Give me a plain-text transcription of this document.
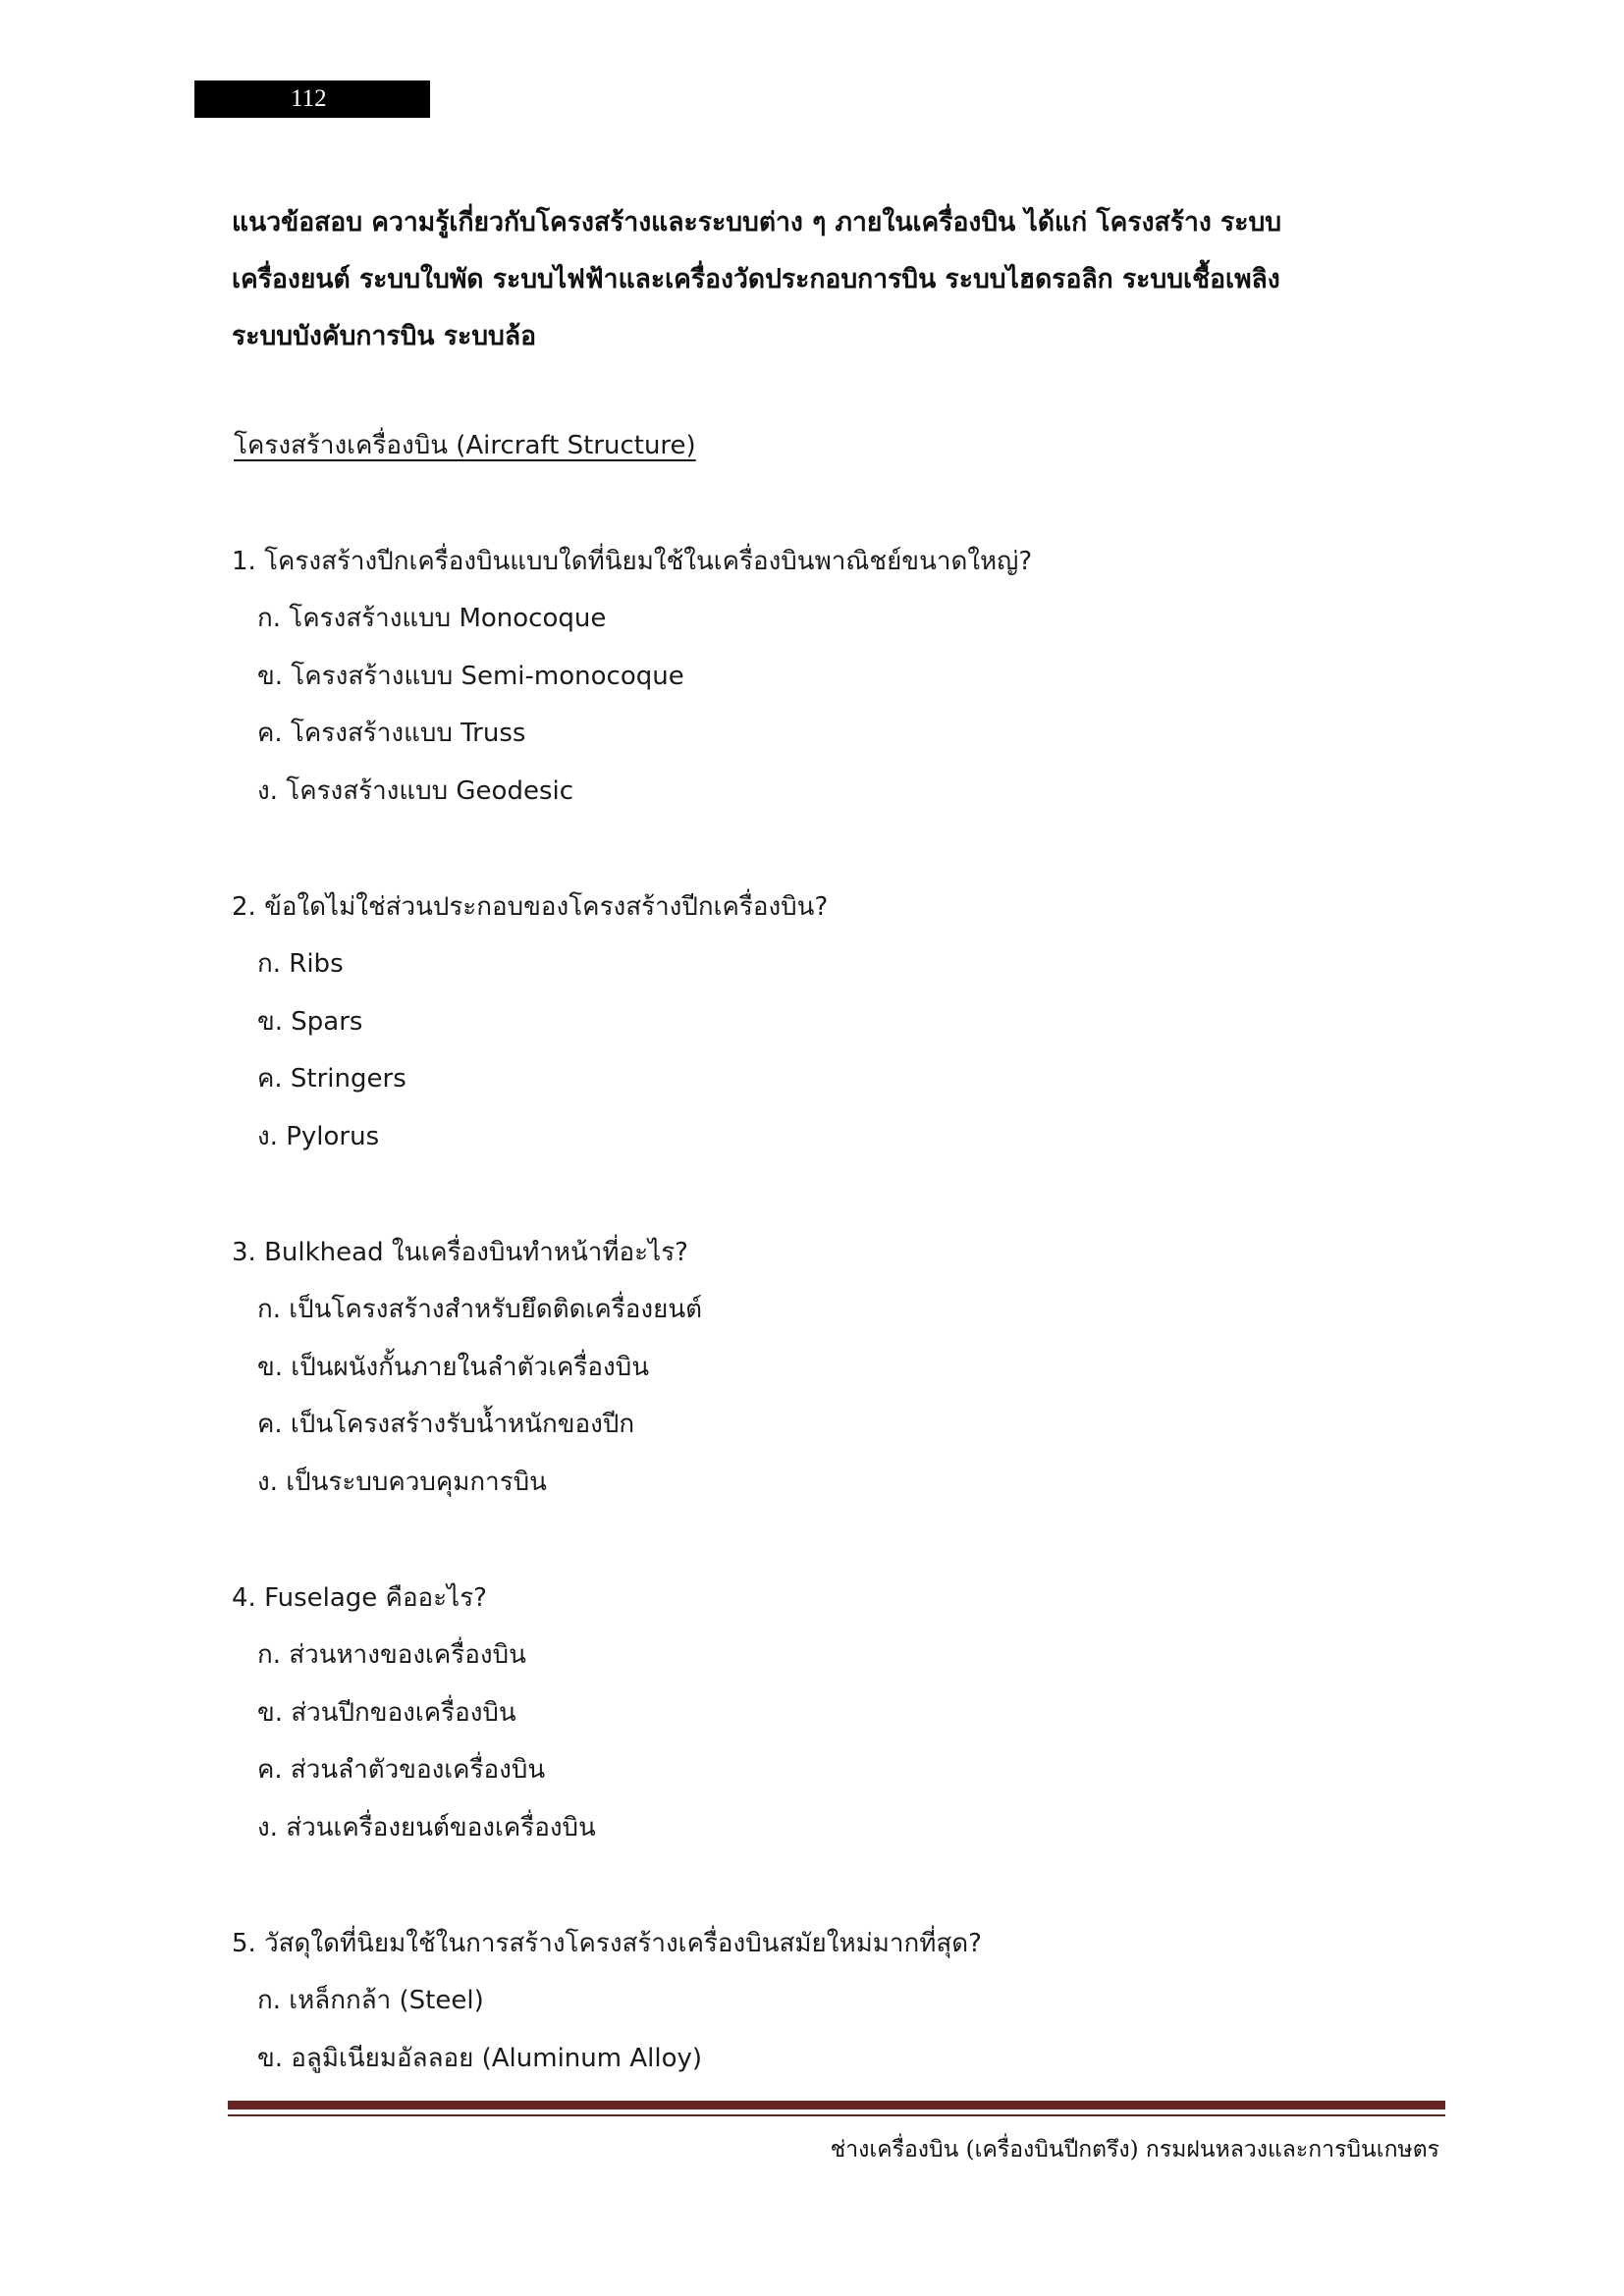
112
แนวข้อสอบ ความรู้เกี่ยวกับโครงสร้างและระบบต่าง ๆ ภายในเครื่องบิน ได้แก่ โครงสร้าง ระบบ
เครื่องยนต์ ระบบใบพัด ระบบไฟฟ้าและเครื่องวัดประกอบการบิน ระบบไฮดรอลิก ระบบเชื้อเพลิง
ระบบบังคับการบิน ระบบล้อ
โครงสร้างเครื่องบิน (Aircraft Structure)
1. โครงสร้างปีกเครื่องบินแบบใดที่นิยมใช้ในเครื่องบินพาณิชย์ขนาดใหญ่?
ก. โครงสร้างแบบ Monocoque
ข. โครงสร้างแบบ Semi-monocoque
ค. โครงสร้างแบบ Truss
ง. โครงสร้างแบบ Geodesic
2. ข้อใดไม่ใช่ส่วนประกอบของโครงสร้างปีกเครื่องบิน?
ก. Ribs
ข. Spars
ค. Stringers
ง. Pylorus
3. Bulkhead ในเครื่องบินทำหน้าที่อะไร?
ก. เป็นโครงสร้างสำหรับยึดติดเครื่องยนต์
ข. เป็นผนังกั้นภายในลำตัวเครื่องบิน
ค. เป็นโครงสร้างรับน้ำหนักของปีก
ง. เป็นระบบควบคุมการบิน
4. Fuselage คืออะไร?
ก. ส่วนหางของเครื่องบิน
ข. ส่วนปีกของเครื่องบิน
ค. ส่วนลำตัวของเครื่องบิน
ง. ส่วนเครื่องยนต์ของเครื่องบิน
5. วัสดุใดที่นิยมใช้ในการสร้างโครงสร้างเครื่องบินสมัยใหม่มากที่สุด?
ก. เหล็กกล้า (Steel)
ข. อลูมิเนียมอัลลอย (Aluminum Alloy)
ช่างเครื่องบิน (เครื่องบินปีกตรึง) กรมฝนหลวงและการบินเกษตร
